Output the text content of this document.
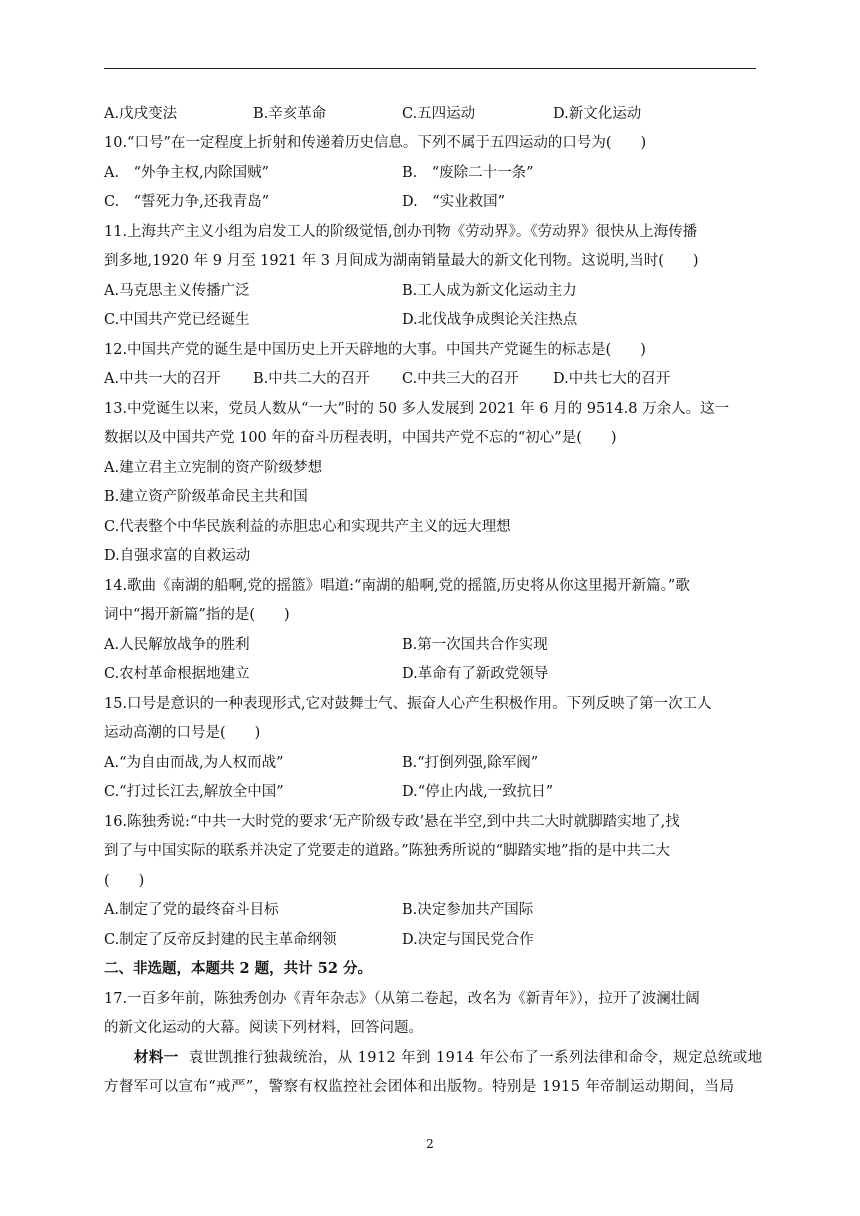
A.戊戌变法	B.辛亥革命	C.五四运动	D.新文化运动
10.“口号”在一定程度上折射和传递着历史信息。下列不属于五四运动的口号为(　　)
A.　“外争主权,内除国贼”	B.　“废除二十一条”
C.　“誓死力争,还我青岛”	D.　“实业救国”
11.上海共产主义小组为启发工人的阶级觉悟,创办刊物《劳动界》。《劳动界》很快从上海传播
到多地,1920 年 9 月至 1921 年 3 月间成为湖南销量最大的新文化刊物。这说明,当时(　　)
A.马克思主义传播广泛	B.工人成为新文化运动主力
C.中国共产党已经诞生	D.北伐战争成舆论关注热点
12.中国共产党的诞生是中国历史上开天辟地的大事。中国共产党诞生的标志是(　　)
A.中共一大的召开 B.中共二大的召开 C.中共三大的召开 D.中共七大的召开
13.中党诞生以来，党员人数从“一大”时的 50 多人发展到 2021 年 6 月的 9514.8 万余人。这一
数据以及中国共产党 100 年的奋斗历程表明，中国共产党不忘的“初心”是(　　)
A.建立君主立宪制的资产阶级梦想
B.建立资产阶级革命民主共和国
C.代表整个中华民族利益的赤胆忠心和实现共产主义的远大理想
D.自强求富的自救运动
14.歌曲《南湖的船啊,党的摇篮》唱道:“南湖的船啊,党的摇篮,历史将从你这里揭开新篇。”歌
词中“揭开新篇”指的是(　　)
A.人民解放战争的胜利	B.第一次国共合作实现
C.农村革命根据地建立	D.革命有了新政党领导
15.口号是意识的一种表现形式,它对鼓舞士气、振奋人心产生积极作用。下列反映了第一次工人
运动高潮的口号是(　　)
A.“为自由而战,为人权而战”	B.“打倒列强,除军阀”
C.“打过长江去,解放全中国”	D.“停止内战,一致抗日”
16.陈独秀说:“中共一大时党的要求‘无产阶级专政’悬在半空,到中共二大时就脚踏实地了,找
到了与中国实际的联系并决定了党要走的道路。”陈独秀所说的“脚踏实地”指的是中共二大
(　　)
A.制定了党的最终奋斗目标	B.决定参加共产国际
C.制定了反帝反封建的民主革命纲领	D.决定与国民党合作
二、非选题，本题共 2 题，共计 52 分。
17.一百多年前，陈独秀创办《青年杂志》（从第二卷起，改名为《新青年》），拉开了波澜壮阔
的新文化运动的大幕。阅读下列材料，回答问题。
材料一 袁世凯推行独裁统治，从 1912 年到 1914 年公布了一系列法律和命令，规定总统或地
方督军可以宣布“戒严”，警察有权监控社会团体和出版物。特别是 1915 年帝制运动期间，当局
2
